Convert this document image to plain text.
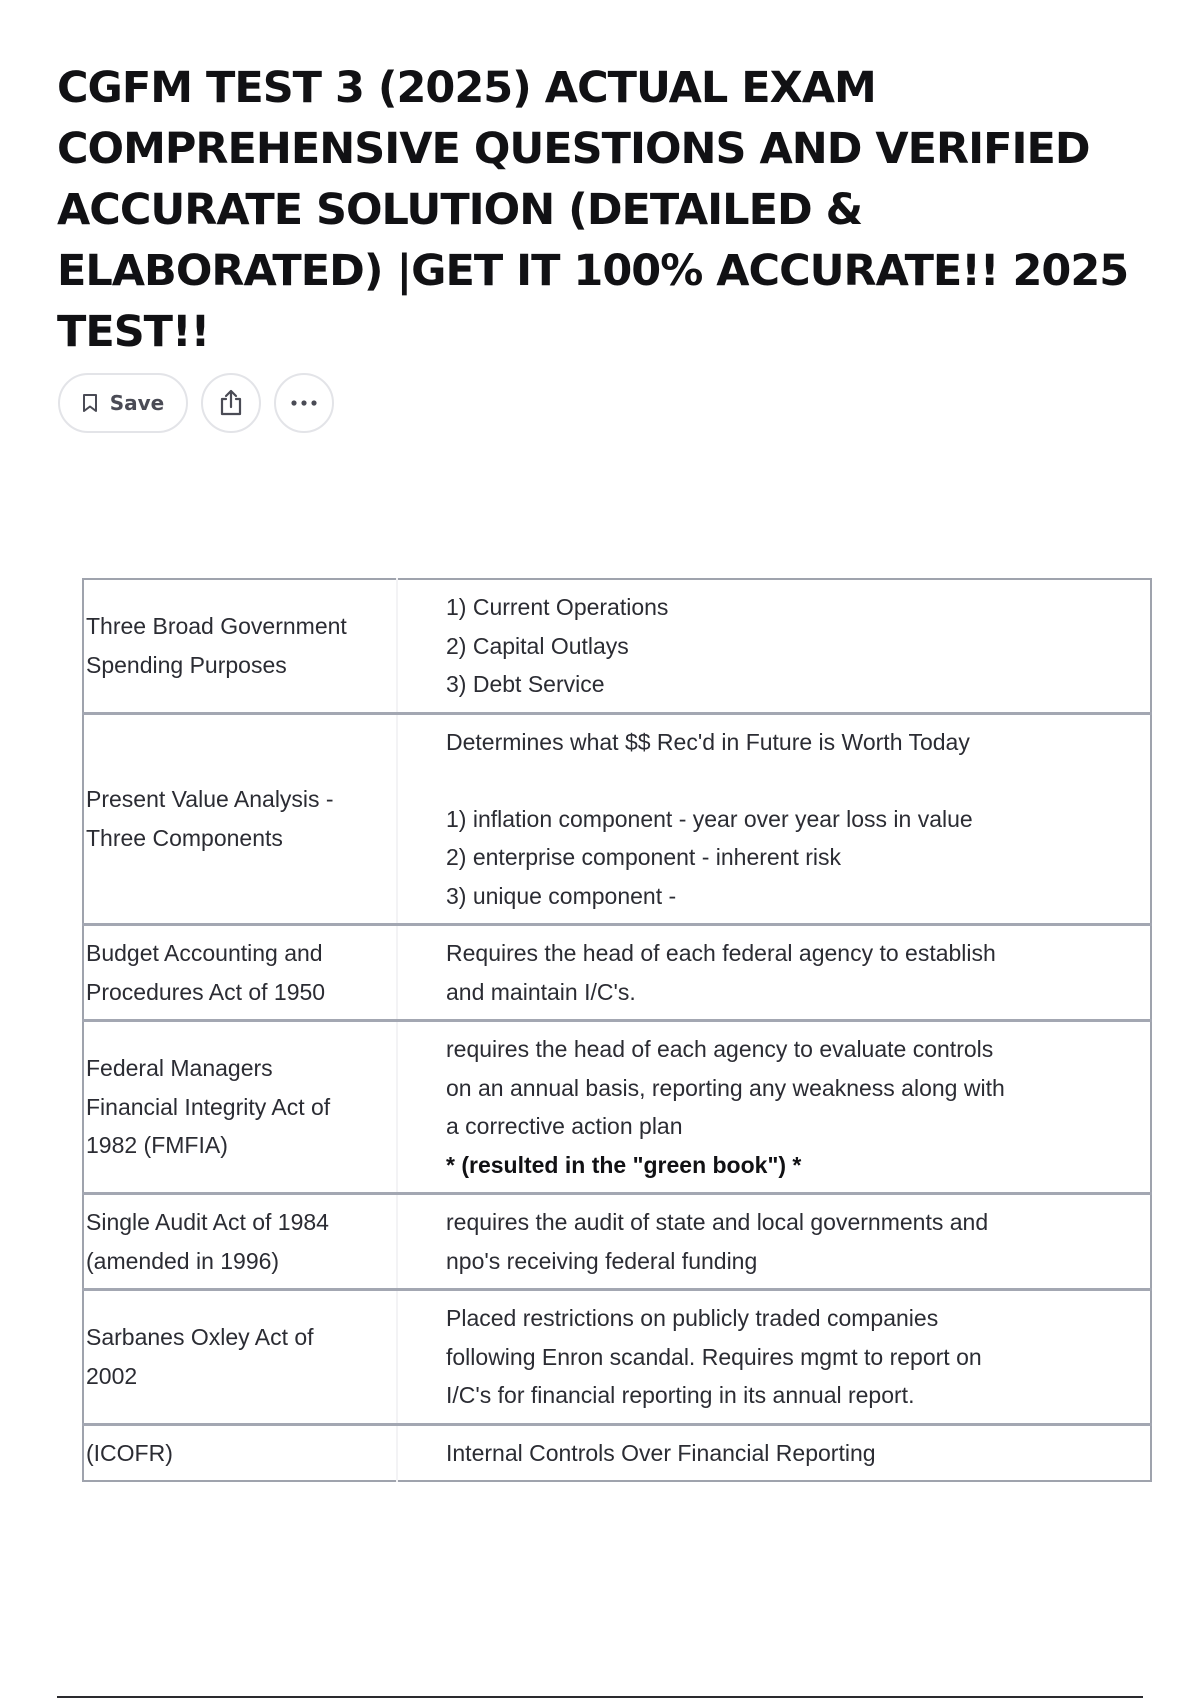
CGFM TEST 3 (2025) ACTUAL EXAM COMPREHENSIVE QUESTIONS AND VERIFIED ACCURATE SOLUTION (DETAILED & ELABORATED) |GET IT 100% ACCURATE!! 2025 TEST!!
Save
Three Broad Government
Spending Purposes	1) Current Operations
2) Capital Outlays
3) Debt Service

Present Value Analysis -
Three Components	Determines what $$ Rec'd in Future is Worth Today
1) inflation component - year over year loss in value
2) enterprise component - inherent risk
3) unique component -

Budget Accounting and
Procedures Act of 1950	Requires the head of each federal agency to establish
and maintain I/C's.

Federal Managers
Financial Integrity Act of
1982 (FMFIA)	requires the head of each agency to evaluate controls
on an annual basis, reporting any weakness along with
a corrective action plan
* (resulted in the "green book") *

Single Audit Act of 1984
(amended in 1996)	requires the audit of state and local governments and
npo's receiving federal funding

Sarbanes Oxley Act of
2002	Placed restrictions on publicly traded companies
following Enron scandal. Requires mgmt to report on
I/C's for financial reporting in its annual report.

(ICOFR)	Internal Controls Over Financial Reporting
